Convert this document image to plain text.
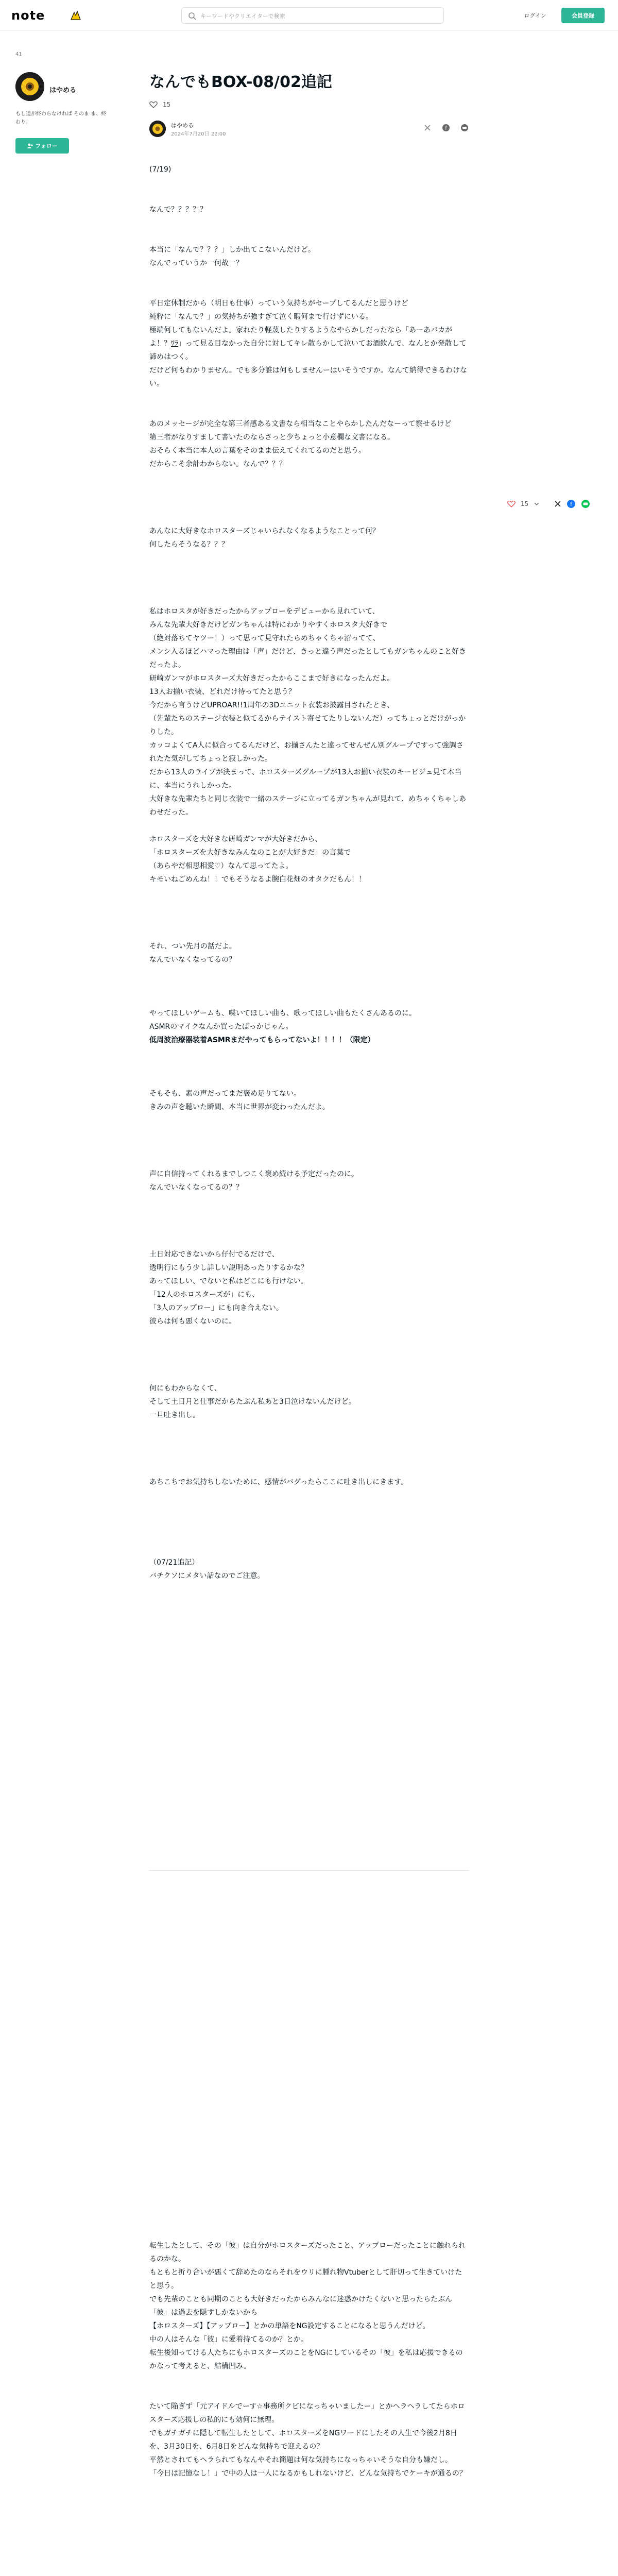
note
キーワードやクリエイターで検索	ログイン	会員登録
41
はやめる
もし道が終わらなければ そのま ま、終わり。
フォロー
なんでもBOX-08/02追記
15
はやめる
2024年7月20日 22:00
f

(7/19)

なんで？？？？？

本当に「なんで？？？」しか出てこないんだけど。

なんでっていうか一何故一？

平日定休制だから（明日も仕事）っていう気持ちがセーブしてるんだと思うけど

純粋に「なんで？」の気持ちが強すぎて泣く暇何まで行けずにいる。

極端何してもないんだよ。家れたり軽蔑したりするようなやらかしだったなら「あーあバカがよ！？ﾜﾗ」って見る目なかった自分に対してキレ散らかして泣いてお酒飲んで、なんとか発散して諦めはつく。

だけど何もわかりません。でも多分誰は何もしませんーはいそうですか。なんて納得できるわけない。

あのメッセージが完全な第三者感ある文書なら相当なことやらかしたんだなーって察せるけど

第三者がなりすまして書いたのならさっと少ちょっと小意欄な文書になる。

おそらく本当に本人の言葉をそのまま伝えてくれてるのだと思う。

だからこそ余計わからない。なんで？？？

あんなに大好きなホロスターズじゃいられなくなるようなことって何？

何したらそうなる？？？

私はホロスタが好きだったからアップローをデビューから見れていて、

みんな先輩大好きだけどガンちゃんは特にわかりやすくホロスタ大好きで

（絶対落ちてヤツー！）って思って見守れたらめちゃくちゃ沼ってて、

メンシ入るほどハマった理由は「声」だけど、きっと違う声だったとしてもガンちゃんのこと好きだったよ。

研崎ガンマがホロスターズ大好きだったからここまで好きになったんだよ。

13人お揃い衣装、どれだけ待ってたと思う？

今だから言うけどUPROAR!!1周年の3Dユニット衣装お披露目されたとき、

（先輩たちのステージ衣装と似てるからテイスト寄せてたりしないんだ）ってちょっとだけがっかりした。

カッコよくてA人に似合ってるんだけど、お揃さんたと違ってせんぜん別グループですって強調されたた気がしてちょっと寂しかった。

だから13人のライブが決まって、ホロスターズグループが13人お揃い衣装のキービジュ見て本当に、本当にうれしかった。

大好きな先輩たちと同じ衣装で一緒のステージに立ってるガンちゃんが見れて、めちゃくちゃしあわせだった。

ホロスターズを大好きな研崎ガンマが大好きだから、

「ホロスターズを大好きなみんなのことが大好きだ」の言葉で

（あらやだ相思相愛♡）なんて思ってたよ。

キモいねごめんね！！でもそうなるよ腕白花畑のオタクだもん！！

それ、つい先月の話だよ。

なんでいなくなってるの？

やってほしいゲームも、喋いてほしい曲も、歌ってほしい曲もたくさんあるのに。

ASMRのマイクなんか買ったばっかじゃん。

低周波治療器装着ASMRまだやってもらってないよ！！！！（限定）

そもそも、素の声だってまだ褒め足りてない。

きみの声を聴いた瞬間、本当に世界が変わったんだよ。

声に自信持ってくれるまでしつこく褒め続ける予定だったのに。

なんでいなくなってるの？？

土日対応できないから仔付でるだけで、

透明行にもう少し詳しい説明あったりするかな？

あってほしい、でないと私はどこにも行けない。

「12人のホロスターズが」にも、

「3人のアップロー」にも向き合えない。

彼らは何も悪くないのに。

何にもわからなくて、

そして土日月と仕事だからたぶん私あと3日泣けないんだけど。

一旦吐き出し。

あちこちでお気持ちしないために、感情がバグったらここに吐き出しにきます。

（07/21追記）

バチクソにメタい話なのでご注意。

転生したとして、その「彼」は自分がホロスターズだったこと、アップローだったことに触れられるのかな。

もともと折り合いが悪くて辞めたのならそれをウリに腫れ物Vtuberとして肝切って生きていけたと思う。

でも先輩のことも同期のことも大好きだったからみんなに迷惑かけたくないと思ったらたぶん「彼」は過去を隠すしかないから

【ホロスターズ】【アップロー】とかの単語をNG設定することになると思うんだけど。

中の人はそんな「彼」に愛着持てるのか？とか。

転生後知ってける人たちにもホロスターズのことをNGにしているその「彼」を私は応援できるのかなって考えると、結構凹み。

たいて陥ぎず「元アイドルでーす☆事務所クビになっちゃいましたー」とかヘラヘラしてたらホロスターズ応援しの私的にも効何に無理。

でもガチガチに隠して転生したとして、ホロスターズをNGワードにしたその人生で今後2月8日を、3月30日を、6月8日をどんな気持ちで迎えるの？

平然とされてもヘラられてもなんやそれ簡題は何な気持ちになっちゃいそうな自分も嫌だし。

「今日は記憶なし！」で中の人は一人になるかもしれないけど、どんな気持ちでケーキが通るの？

15	f
